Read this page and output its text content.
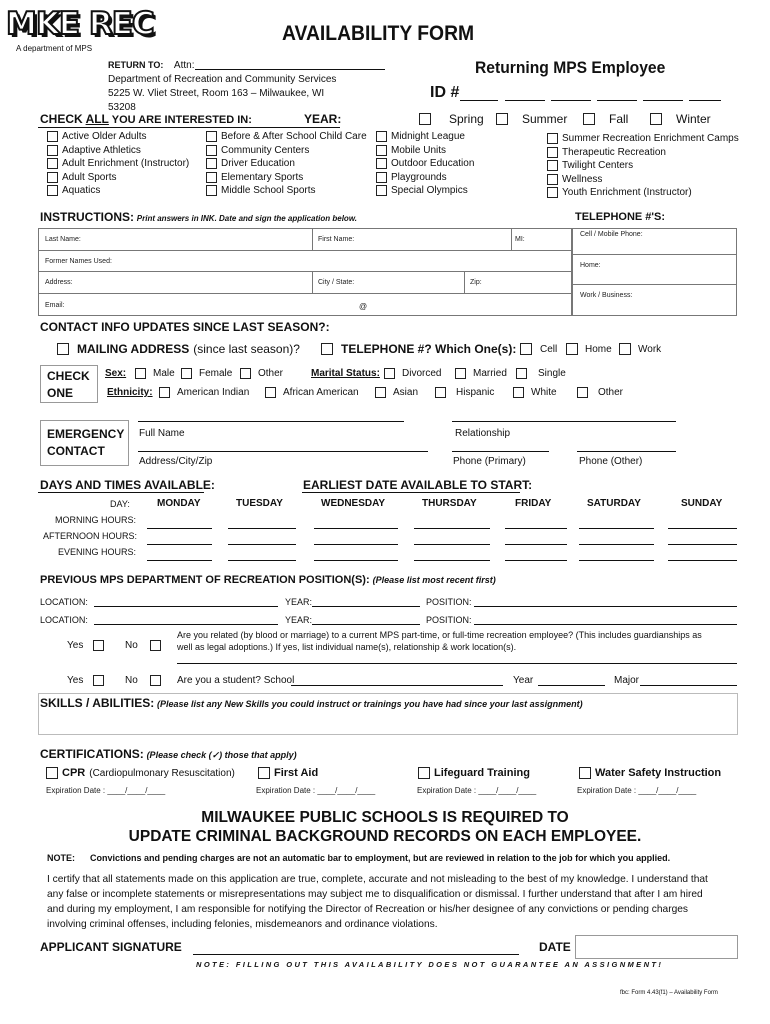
MKE REC
A department of MPS
AVAILABILITY FORM
RETURN TO: Attn:
Department of Recreation and Community Services
5225 W. Vliet Street, Room 163 – Milwaukee, WI
53208
Returning MPS Employee
ID #
CHECK ALL YOU ARE INTERESTED IN:	YEAR:	Spring	Summer	Fall	Winter
Active Older Adults
Adaptive Athletics
Adult Enrichment (Instructor)
Adult Sports
Aquatics
Before & After School Child Care
Community Centers
Driver Education
Elementary Sports
Middle School Sports
Midnight League
Mobile Units
Outdoor Education
Playgrounds
Special Olympics
Summer Recreation Enrichment Camps
Therapeutic Recreation
Twilight Centers
Wellness
Youth Enrichment (Instructor)
INSTRUCTIONS: Print answers in INK. Date and sign the application below.	TELEPHONE #'S:
Last Name:	First Name:	MI:
Former Names Used:
Address:	City / State:	Zip:
Email:	@
Cell / Mobile Phone:
Home:
Work / Business:
CONTACT INFO UPDATES SINCE LAST SEASON?:
MAILING ADDRESS (since last season)?	TELEPHONE #? Which One(s): Cell	Home	Work
CHECK
ONE
Sex:	Male Female	Other	Marital Status: Divorced	Married	Single
Ethnicity: American Indian	African American	Asian	Hispanic	White	Other
EMERGENCY
CONTACT
Full Name	Relationship
Address/City/Zip	Phone (Primary)	Phone (Other)
DAYS AND TIMES AVAILABLE:	EARLIEST DATE AVAILABLE TO START:
DAY:	MONDAY	TUESDAY	WEDNESDAY	THURSDAY	FRIDAY	SATURDAY	SUNDAY
MORNING HOURS:
AFTERNOON HOURS:
EVENING HOURS:
PREVIOUS MPS DEPARTMENT OF RECREATION POSITION(S): (Please list most recent first)
LOCATION:	YEAR:	POSITION:
LOCATION:	YEAR:	POSITION:
Yes	No
Are you related (by blood or marriage) to a current MPS part-time, or full-time recreation employee? (This includes guardianships as
well as legal adoptions.) If yes, list individual name(s), relationship & work location(s).
Yes	No	Are you a student? School	Year	Major
SKILLS / ABILITIES: (Please list any New Skills you could instruct or trainings you have had since your last assignment)
CERTIFICATIONS: (Please check (✓) those that apply)
CPR (Cardiopulmonary Resuscitation)	First Aid	Lifeguard Training	Water Safety Instruction
Expiration Date : ____/____/____	Expiration Date : ____/____/____	Expiration Date : ____/____/____	Expiration Date : ____/____/____
MILWAUKEE PUBLIC SCHOOLS IS REQUIRED TO
UPDATE CRIMINAL BACKGROUND RECORDS ON EACH EMPLOYEE.
NOTE: Convictions and pending charges are not an automatic bar to employment, but are reviewed in relation to the job for which you applied.
I certify that all statements made on this application are true, complete, accurate and not misleading to the best of my knowledge. I understand that
any false or incomplete statements or misrepresentations may subject me to disqualification or dismissal. I further understand that after I am hired
and during my employment, I am responsible for notifying the Director of Recreation or his/her designee of any convictions or pending charges
involving criminal offenses, including felonies, misdemeanors and ordinance violations.
APPLICANT SIGNATURE	DATE
NOTE: FILLING OUT THIS AVAILABILITY DOES NOT GUARANTEE AN ASSIGNMENT!
fbc: Form 4.43(f1) – Availability Form
